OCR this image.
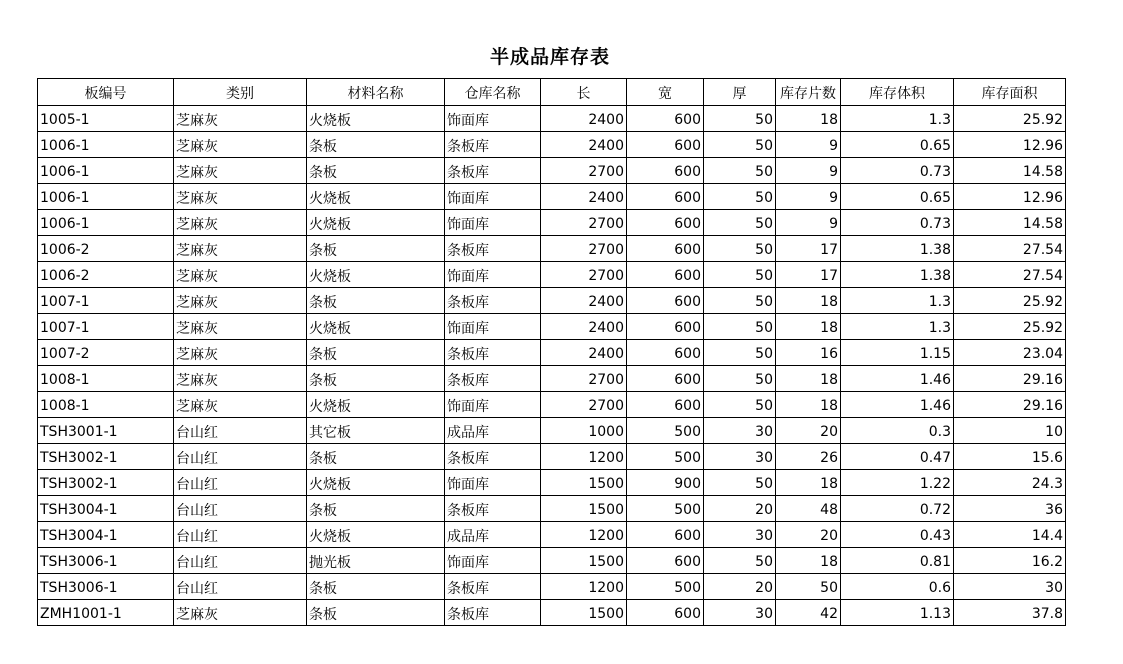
半成品库存表
板编号	类别	材料名称	仓库名称	长	宽	厚	库存片数	库存体积	库存面积
1005-1	芝麻灰	火烧板	饰面库	2400	600	50	18	1.3	25.92
1006-1	芝麻灰	条板	条板库	2400	600	50	9	0.65	12.96
1006-1	芝麻灰	条板	条板库	2700	600	50	9	0.73	14.58
1006-1	芝麻灰	火烧板	饰面库	2400	600	50	9	0.65	12.96
1006-1	芝麻灰	火烧板	饰面库	2700	600	50	9	0.73	14.58
1006-2	芝麻灰	条板	条板库	2700	600	50	17	1.38	27.54
1006-2	芝麻灰	火烧板	饰面库	2700	600	50	17	1.38	27.54
1007-1	芝麻灰	条板	条板库	2400	600	50	18	1.3	25.92
1007-1	芝麻灰	火烧板	饰面库	2400	600	50	18	1.3	25.92
1007-2	芝麻灰	条板	条板库	2400	600	50	16	1.15	23.04
1008-1	芝麻灰	条板	条板库	2700	600	50	18	1.46	29.16
1008-1	芝麻灰	火烧板	饰面库	2700	600	50	18	1.46	29.16
TSH3001-1	台山红	其它板	成品库	1000	500	30	20	0.3	10
TSH3002-1	台山红	条板	条板库	1200	500	30	26	0.47	15.6
TSH3002-1	台山红	火烧板	饰面库	1500	900	50	18	1.22	24.3
TSH3004-1	台山红	条板	条板库	1500	500	20	48	0.72	36
TSH3004-1	台山红	火烧板	成品库	1200	600	30	20	0.43	14.4
TSH3006-1	台山红	抛光板	饰面库	1500	600	50	18	0.81	16.2
TSH3006-1	台山红	条板	条板库	1200	500	20	50	0.6	30
ZMH1001-1	芝麻灰	条板	条板库	1500	600	30	42	1.13	37.8
